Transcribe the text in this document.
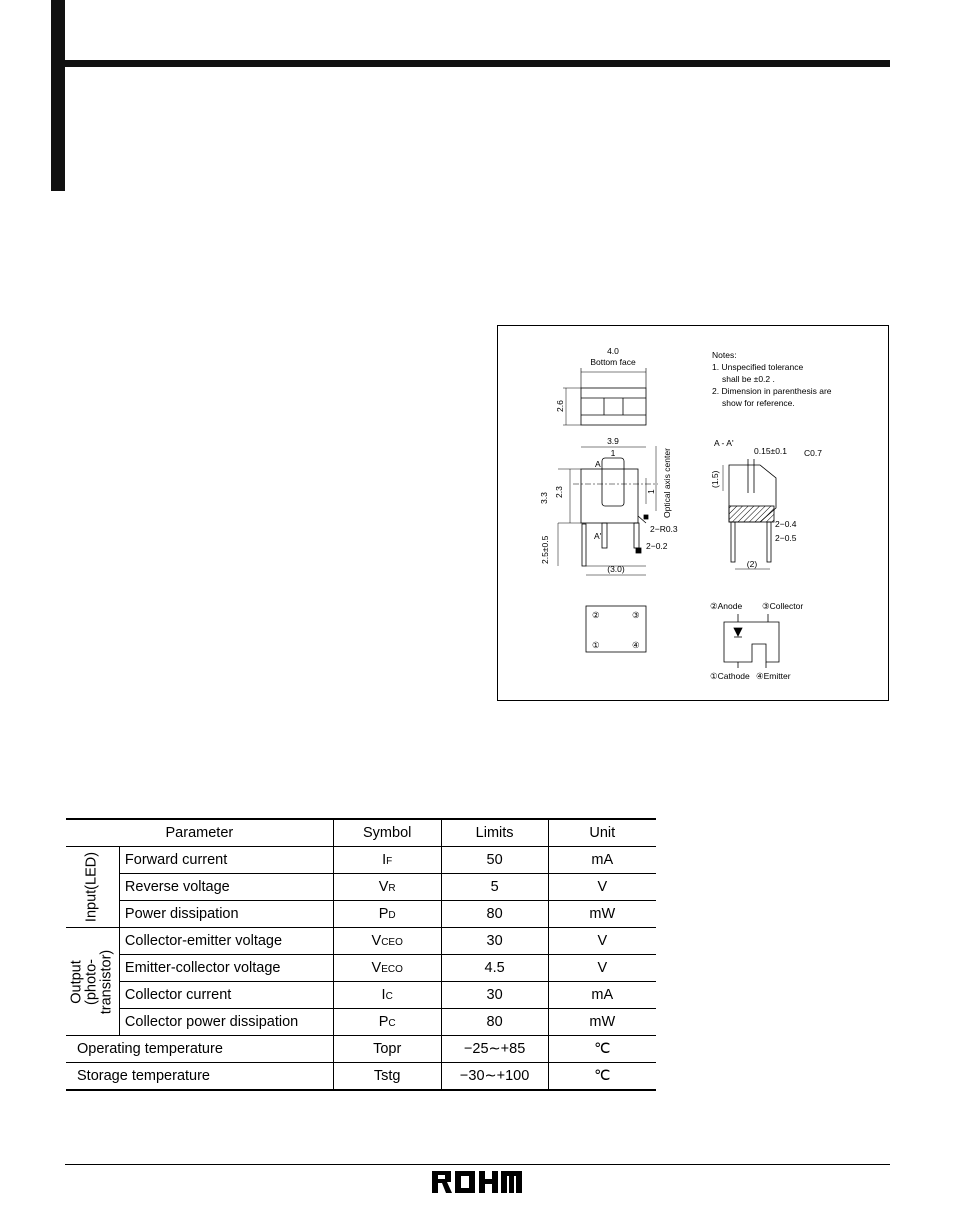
4.0
Bottom face
2.6
3.9
1
A
A'
3.3
2.3
2.5±0.5
(3.0)
2−R0.3
2−0.2
1 Optical axis center
Notes:
1. Unspecified tolerance
shall be ±0.2 .
2. Dimension in parenthesis are
show for reference.
A - A'
0.15±0.1 C0.7
(1.5)
2−0.4
2−0.5
(2)
②	③
①	④
②Anode ③Collector
①Cathode ④Emitter
Parameter		Symbol	Limits	Unit

Input(LED)	Forward current	IF	50	mA
	Reverse voltage	VR	5	V
	Power dissipation	PD	80	mW

Output (photo- transistor)	Collector-emitter voltage	VCEO	30	V
	Emitter-collector voltage	VECO	4.5	V
	Collector current	IC	30	mA
	Collector power dissipation	PC	80	mW
Operating temperature		Topr	−25∼+85	℃
Storage temperature		Tstg	−30∼+100	℃
